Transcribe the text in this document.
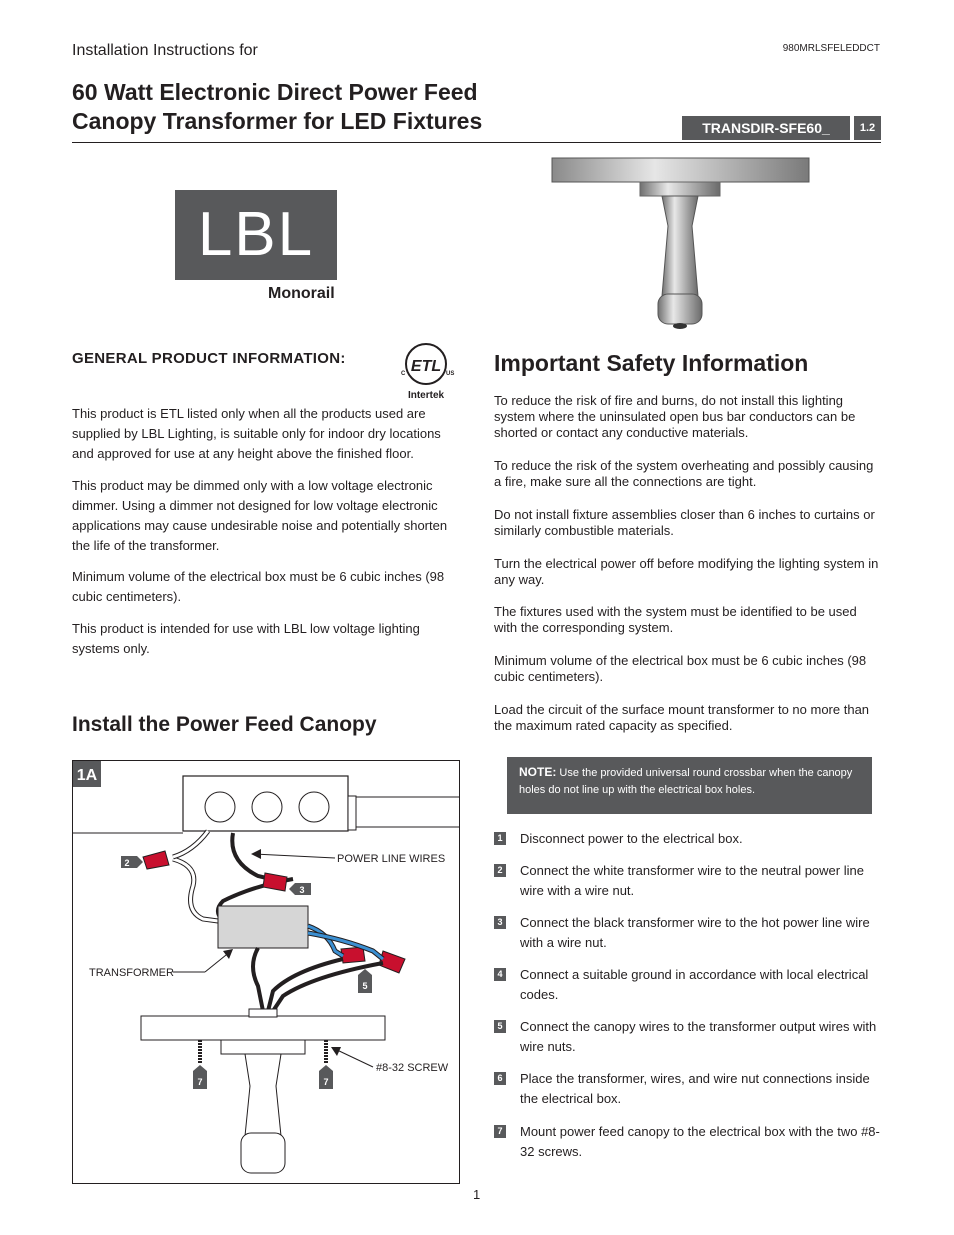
Installation Instructions for	980MRLSFELEDDCT
60 Watt Electronic Direct Power Feed
Canopy Transformer for LED Fixtures	TRANSDIR-SFE60_	1.2
LBL
Monorail
GENERAL PRODUCT INFORMATION:	ETL
C	US
Intertek
This product is ETL listed only when all the products used are supplied by LBL Lighting, is suitable only for indoor dry locations and approved for use at any height above the finished floor.
This product may be dimmed only with a low voltage electronic dimmer. Using a dimmer not designed for low voltage electronic applications may cause undesirable noise and potentially shorten the life of the transformer.
Minimum volume of the electrical box must be 6 cubic inches (98 cubic centimeters).
This product is intended for use with LBL low voltage lighting systems only.
Important Safety Information
To reduce the risk of fire and burns, do not install this lighting system where the uninsulated open bus bar conductors can be shorted or contact any conductive materials.
To reduce the risk of the system overheating and possibly causing a fire, make sure all the connections are tight.
Do not install fixture assemblies closer than 6 inches to curtains or similarly combustible materials.
Turn the electrical power off before modifying the lighting system in any way.
The fixtures used with the system must be identified to be used with the corresponding system.
Minimum volume of the electrical box must be 6 cubic inches (98 cubic centimeters).
Load the circuit of the surface mount transformer to no more than the maximum rated capacity as specified.
NOTE: Use the provided universal round crossbar when the canopy holes do not line up with the electrical box holes.
1 Disconnect power to the electrical box.
2 Connect the white transformer wire to the neutral power line wire with a wire nut.
3 Connect the black transformer wire to the hot power line wire with a wire nut.
4 Connect a suitable ground in accordance with local electrical codes.
5 Connect the canopy wires to the transformer output wires with wire nuts.
6 Place the transformer, wires, and wire nut connections inside the electrical box.
7 Mount power feed canopy to the electrical box with the two #8-32 screws.
Install the Power Feed Canopy
1A
2
3
5
7	7
POWER LINE WIRES
TRANSFORMER
#8-32 SCREW
1
